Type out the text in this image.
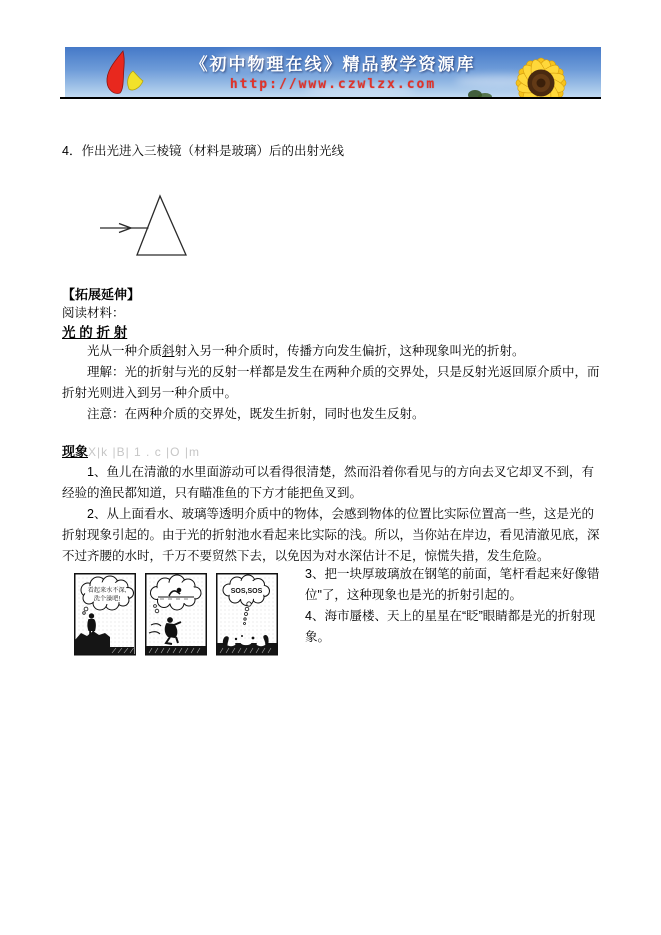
《初中物理在线》精品教学资源库
http://www.czwlzx.com
4．作出光进入三棱镜（材料是玻璃）后的出射光线
【拓展延伸】
阅读材料：
光 的 折 射
光从一种介质斜射入另一种介质时，传播方向发生偏折，这种现象叫光的折射。
理解：光的折射与光的反射一样都是发生在两种介质的交界处，只是反射光返回原介质中，而折射光则进入到另一种介质中。
注意：在两种介质的交界处，既发生折射，同时也发生反射。
现象X|k |B| 1 . c |O |m
1、鱼儿在清澈的水里面游动可以看得很清楚，然而沿着你看见与的方向去叉它却叉不到，有经验的渔民都知道，只有瞄准鱼的下方才能把鱼叉到。
2、从上面看水、玻璃等透明介质中的物体，会感到物体的位置比实际位置高一些，这是光的折射现象引起的。由于光的折射池水看起来比实际的浅。所以，当你站在岸边，看见清澈见底，深不过齐腰的水时，千万不要贸然下去，以免因为对水深估计不足，惊慌失措，发生危险。
看起来水不深,
洗个澡吧!
SOS,SOS
3、把一块厚玻璃放在钢笔的前面，笔杆看起来好像错位"了，这种现象也是光的折射引起的。
4、海市蜃楼、天上的星星在“眨”眼睛都是光的折射现象。
